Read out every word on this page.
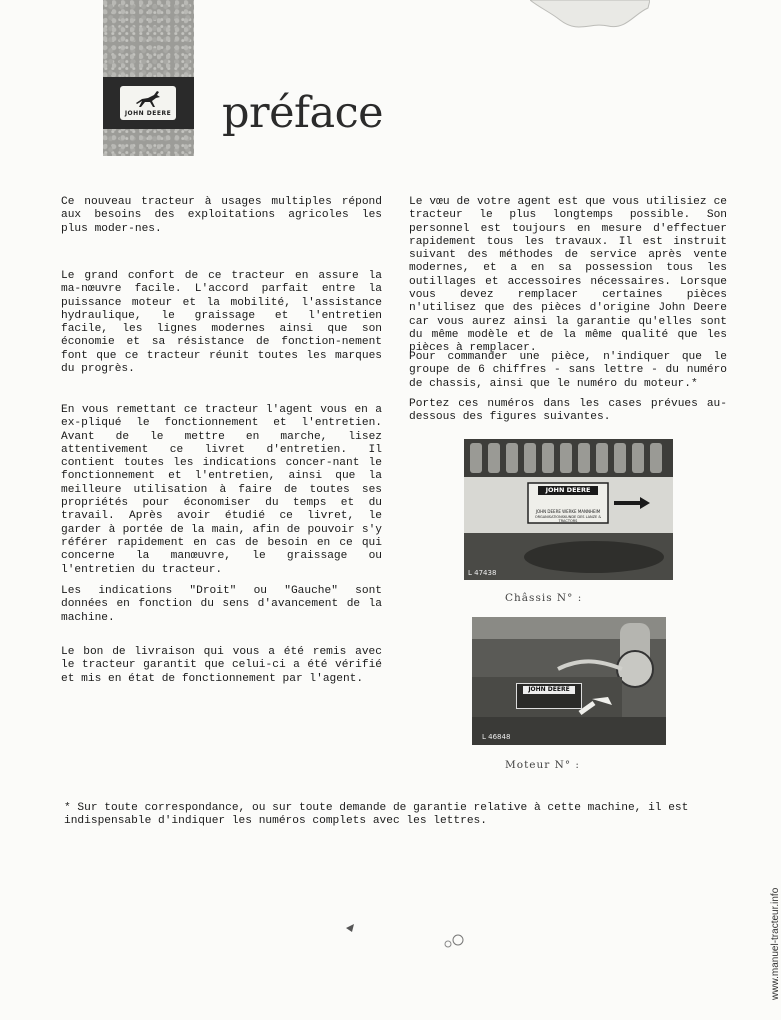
JOHN DEERE préface
Ce nouveau tracteur à usages multiples répond aux besoins des exploitations agricoles les plus moder-nes.
Le grand confort de ce tracteur en assure la ma-nœuvre facile. L'accord parfait entre la puissance moteur et la mobilité, l'assistance hydraulique, le graissage et l'entretien facile, les lignes modernes ainsi que son économie et sa résistance de fonction-nement font que ce tracteur réunit toutes les marques du progrès.
En vous remettant ce tracteur l'agent vous en a ex-pliqué le fonctionnement et l'entretien. Avant de le mettre en marche, lisez attentivement ce livret d'entretien. Il contient toutes les indications concer-nant le fonctionnement et l'entretien, ainsi que la meilleure utilisation à faire de toutes ses propriétés pour économiser du temps et du travail. Après avoir étudié ce livret, le garder à portée de la main, afin de pouvoir s'y référer rapidement en cas de besoin en ce qui concerne la manœuvre, le graissage ou l'entretien du tracteur.
Les indications "Droit" ou "Gauche" sont données en fonction du sens d'avancement de la machine.
Le bon de livraison qui vous a été remis avec le tracteur garantit que celui-ci a été vérifié et mis en état de fonctionnement par l'agent.
Le vœu de votre agent est que vous utilisiez ce tracteur le plus longtemps possible. Son personnel est toujours en mesure d'effectuer rapidement tous les travaux. Il est instruit suivant des méthodes de service après vente modernes, et a en sa possession tous les outillages et accessoires nécessaires. Lorsque vous devez remplacer certaines pièces n'utilisez que des pièces d'origine John Deere car vous aurez ainsi la garantie qu'elles sont du même modèle et de la même qualité que les pièces à remplacer.
Pour commander une pièce, n'indiquer que le groupe de 6 chiffres - sans lettre - du numéro de chassis, ainsi que le numéro du moteur.*
Portez ces numéros dans les cases prévues au-dessous des figures suivantes.
JOHN DEERE
JOHN DEERE WERKE MANNHEIM
ORGANISATIONSKUNDE DES LANZE & TRACTORS
L 47438
Châssis N° :
JOHN DEERE
L 46848
Moteur N° :
* Sur toute correspondance, ou sur toute demande de garantie relative à cette machine, il est indispensable d'indiquer les numéros complets avec les lettres.
www.manuel-tracteur.info
